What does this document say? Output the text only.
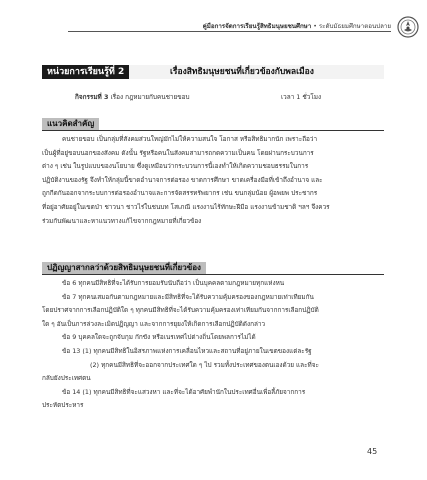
คู่มือการจัดการเรียนรู้สิทธิมนุษยชนศึกษา • ระดับมัธยมศึกษาตอนปลาย
หน่วยการเรียนรู้ที่ 2	เรื่องสิทธิมนุษยชนที่เกี่ยวข้องกับพลเมือง
กิจกรรมที่ 3 เรื่อง กฎหมายกับคนชายขอบ	เวลา 1 ชั่วโมง
แนวคิดสำคัญ
คนชายขอบ เป็นกลุ่มที่สังคมส่วนใหญ่มักไม่ให้ความสนใจ โอกาส หรือสิทธิมากนัก เพราะถือว่า
เป็นผู้ที่อยู่ขอบนอกของสังคม ดังนั้น รัฐหรือคนในสังคมสามารถกดความเป็นคน โดยผ่านกระบวนการ
ต่าง ๆ เช่น ในรูปแบบของนโยบาย ซึ่งดูเหมือนว่ากระบวนการนี้เองทำให้เกิดความชอบธรรมในการ
ปฏิบัติงานของรัฐ จึงทำให้กลุ่มนี้ขาดอำนาจการต่อรอง ขาดการศึกษา ขาดเครื่องมือที่เข้าถึงอำนาจ และ
ถูกกีดกันออกจากระบบการต่อรองอำนาจและการจัดสรรทรัพยากร เช่น ขนกลุ่มน้อย ผู้อพยพ ประชากร
ที่อยู่อาศัยอยู่ในเขตป่า ชาวนา ชาวไร่ในชนบท โสเภณี แรงงานไร้ทักษะฝีมือ แรงงานข้ามชาติ ฯลฯ จึงควร
ร่วมกันพัฒนาและหาแนวทางแก้ไขจากกฎหมายที่เกี่ยวข้อง
ปฏิญญาสากลว่าด้วยสิทธิมนุษยชนที่เกี่ยวข้อง
ข้อ 6 ทุกคนมีสิทธิที่จะได้รับการยอมรับนับถือว่า เป็นบุคคลตามกฎหมายทุกแห่งหน
ข้อ 7 ทุกคนเสมอกันตามกฎหมายและมีสิทธิที่จะได้รับความคุ้มครองของกฎหมายเท่าเทียมกัน
โดยปราศจากการเลือกปฏิบัติใด ๆ ทุกคนมีสิทธิที่จะได้รับความคุ้มครองเท่าเทียมกันจากการเลือกปฏิบัติ
ใด ๆ อันเป็นการล่วงละเมิดปฏิญญา และจากการยุยงให้เกิดการเลือกปฏิบัติดังกล่าว
ข้อ 9 บุคคลใดจะถูกจับกุม กักขัง หรือเนรเทศไปต่างถิ่นโดยพลการไม่ได้
ข้อ 13 (1) ทุกคนมีสิทธิในอิสรภาพแห่งการเคลื่อนไหวและสถานที่อยู่ภายในเขตของแต่ละรัฐ
(2) ทุกคนมีสิทธิที่จะออกจากประเทศใด ๆ ไป รวมทั้งประเทศของตนเองด้วย และที่จะ
กลับยังประเทศตน
ข้อ 14 (1) ทุกคนมีสิทธิที่จะแสวงหา และที่จะได้อาศัยพำนักในประเทศอื่นเพื่อลี้ภัยจากการ
ประหัตประหาร
45
